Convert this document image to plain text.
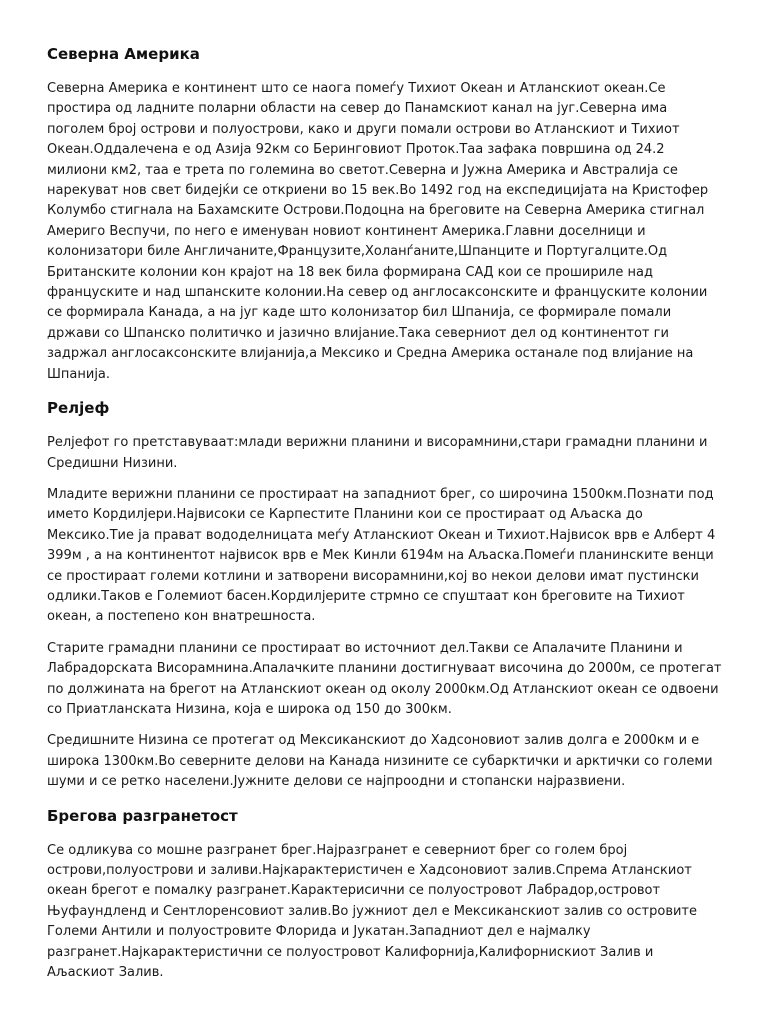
Северна Америка

Северна Америка е континент што се наога помеѓу Тихиот Океан и Атланскиот океан.Се простира од ладните поларни области на север до Панамскиот канал на југ.Северна има поголем број острови и полуострови, како и други помали острови во Атланскиот и Тихиот Океан.Оддалечена е од Азија 92км со Беринговиот Проток.Таа зафака површина од 24.2 милиони км2, таа е трета по големина во светот.Северна и Јужна Америка и Австралија се нарекуват нов свет бидејќи се откриени во 15 век.Во 1492 год на експедицијата на Кристофер Колумбо стигнала на Бахамските Острови.Подоцна на бреговите на Северна Америка стигнал Америго Веспучи, по него е именуван новиот континент Америка.Главни доселници и колонизатори биле Англичаните,Французите,Холанѓаните,Шпанците и Португалците.Од Британските колонии кон крајот на 18 век била формирана САД кои се прошириле над француските и над шпанските колонии.На север од англосаксонските и француските колонии се формирала Канада, а на југ каде што колонизатор бил Шпанија, се формирале помали држави со Шпанско политичко и јазично влијание.Така северниот дел од континентот ги задржал англосаксонските влијанија,а Мексико и Средна Америка останале под влијание на Шпанија.

Релјеф

Релјефот го претставуваат:млади верижни планини и висорамнини,стари грамадни планини и Средишни Низини.

Младите верижни планини се простираат на западниот брег, со широчина 1500км.Познати под името Кордилјери.Највисоки се Карпестите Планини кои се простираат од Аљаска до Мексико.Тие ја прават вододелницата меѓу Атланскиот Океан и Тихиот.Највисок врв е Алберт 4 399м , а на континентот највисок врв е Мек Кинли 6194м на Аљаска.Помеѓи планинските венци се простираат големи котлини и затворени висорамнини,кој во некои делови имат пустински одлики.Таков е Големиот басен.Кордилјерите стрмно се спуштаат кон бреговите на Тихиот океан, а постепено кон внатрешноста.

Старите грамадни планини се простираат во источниот дел.Такви се Апалачите Планини и Лабрадорската Висорамнина.Апалачките планини достигнуваат височина до 2000м, се протегат по должината на брегот на Атланскиот океан од околу 2000км.Од Атланскиот океан се одвоени со Приатланската Низина, која е широка од 150 до 300км.

Средишните Низина се протегат од Мексиканскиот до Хадсоновиот залив долга е 2000км и е широка 1300км.Во северните делови на Канада низините се субарктички и арктички со големи шуми и се ретко населени.Јужните делови се најпроодни и стопански најразвиени.

Брегова разгранетост

Се одликува со мошне разгранет брег.Најразгранет е северниот брег со голем број острови,полуострови и заливи.Најкарактеристичен е Хадсоновиот залив.Спрема Атланскиот океан брегот е помалку разгранет.Карактерисични се полуостровот Лабрадор,островот Њуфаундленд и Сентлоренсовиот залив.Во јужниот дел е Мексиканскиот залив со островите Големи Антили и полуостровите Флорида и Јукатан.Западниот дел е најмалку разгранет.Најкарактеристични се полуостровот Калифорнија,Калифорнискиот Залив и Аљаскиот Залив.
